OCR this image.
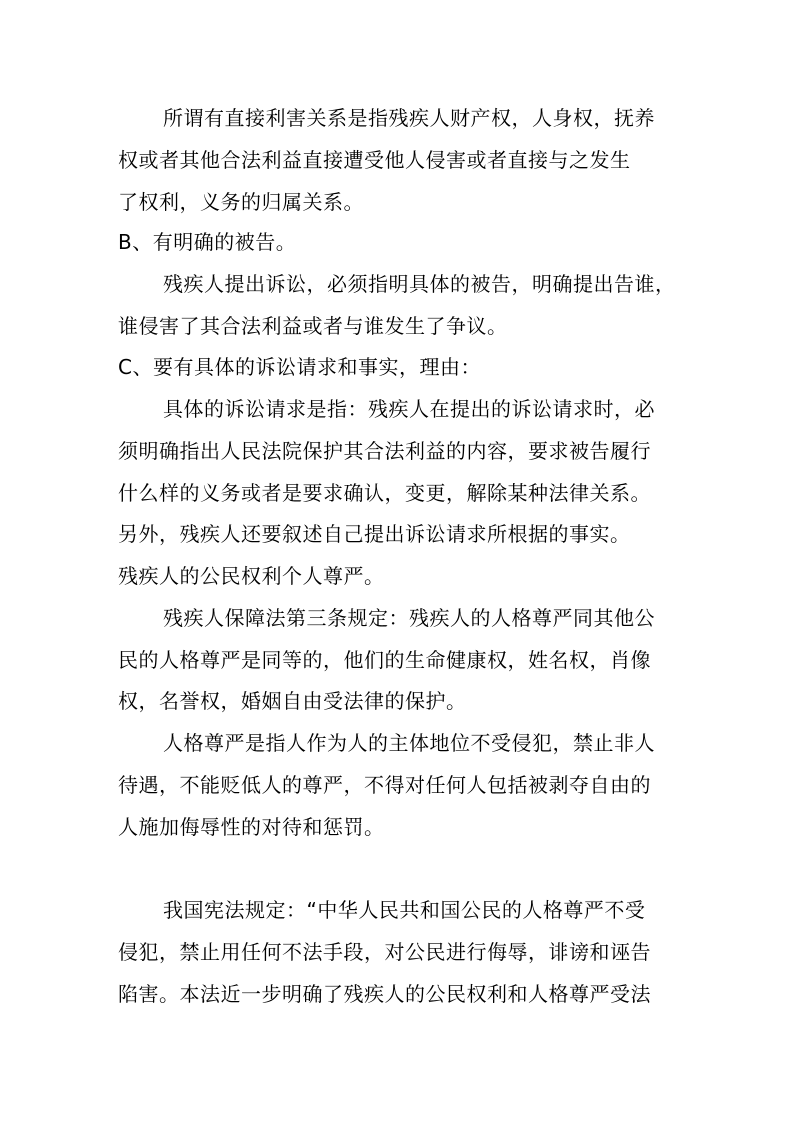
所谓有直接利害关系是指残疾人财产权，人身权，抚养
权或者其他合法利益直接遭受他人侵害或者直接与之发生
了权利，义务的归属关系。
B、有明确的被告。
残疾人提出诉讼，必须指明具体的被告，明确提出告谁，
谁侵害了其合法利益或者与谁发生了争议。
C、要有具体的诉讼请求和事实，理由：
具体的诉讼请求是指：残疾人在提出的诉讼请求时，必
须明确指出人民法院保护其合法利益的内容，要求被告履行
什么样的义务或者是要求确认，变更，解除某种法律关系。
另外，残疾人还要叙述自己提出诉讼请求所根据的事实。
残疾人的公民权利个人尊严。
残疾人保障法第三条规定：残疾人的人格尊严同其他公
民的人格尊严是同等的，他们的生命健康权，姓名权，肖像
权，名誉权，婚姻自由受法律的保护。
人格尊严是指人作为人的主体地位不受侵犯，禁止非人
待遇，不能贬低人的尊严，不得对任何人包括被剥夺自由的
人施加侮辱性的对待和惩罚。
我国宪法规定：“中华人民共和国公民的人格尊严不受
侵犯，禁止用任何不法手段，对公民进行侮辱，诽谤和诬告
陷害。本法近一步明确了残疾人的公民权利和人格尊严受法
